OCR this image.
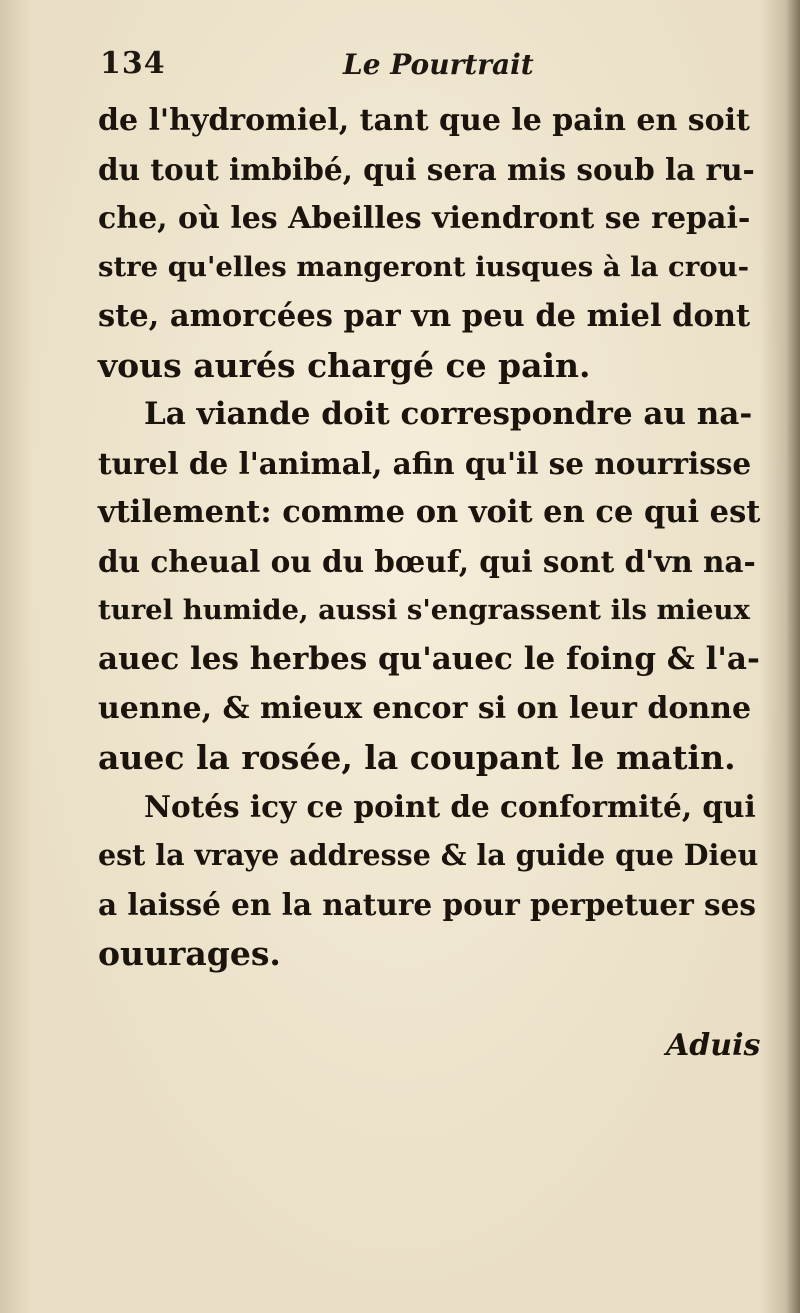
134	Le Pourtrait
de l'hydromiel, tant que le pain en soit
du tout imbibé, qui sera mis soub la ru-
che, où les Abeilles viendront se repai-
stre qu'elles mangeront iusques à la crou-
ste, amorcées par vn peu de miel dont
vous aurés chargé ce pain.
La viande doit correspondre au na-
turel de l'animal, afin qu'il se nourrisse
vtilement: comme on voit en ce qui est
du cheual ou du bœuf, qui sont d'vn na-
turel humide, aussi s'engrassent ils mieux
auec les herbes qu'auec le foing & l'a-
uenne, & mieux encor si on leur donne
auec la rosée, la coupant le matin.
Notés icy ce point de conformité, qui
est la vraye addresse & la guide que Dieu
a laissé en la nature pour perpetuer ses
ouurages.
Aduis
